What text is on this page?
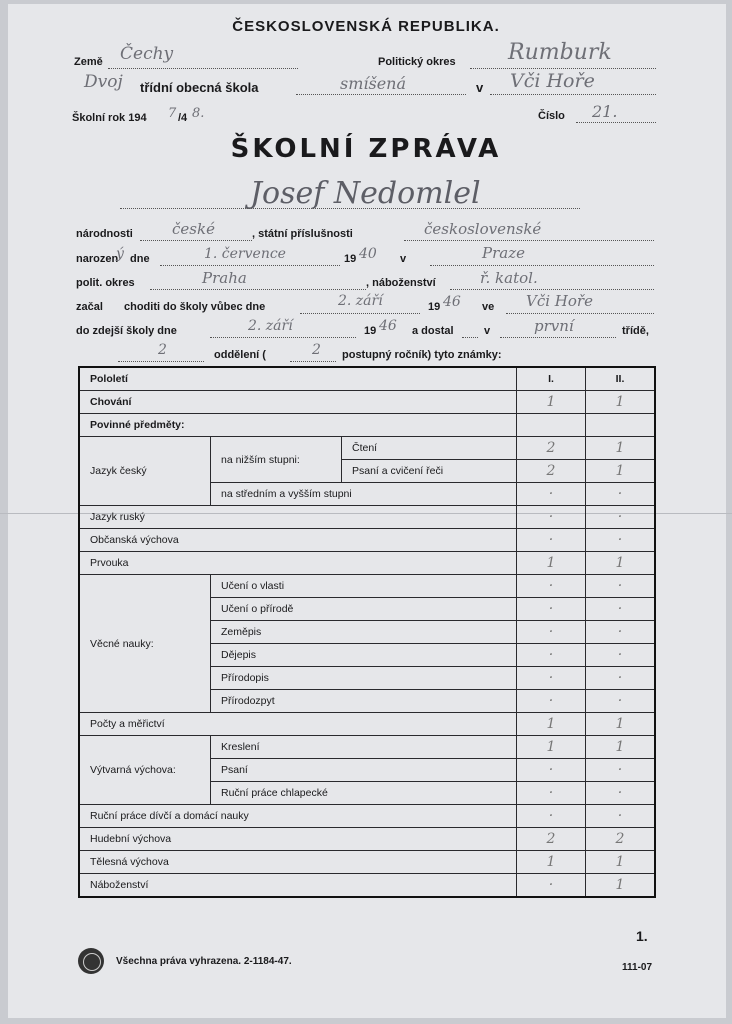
ČESKOSLOVENSKÁ REPUBLIKA.
Země Čechy	Politický okres Rumburk
Dvoj třídní obecná škola	smíšená	v Vči Hoře
Školní rok 194 7 /4 8.	Číslo 21.
ŠKOLNÍ ZPRÁVA
Josef Nedomlel
národnosti	české	, státní příslušnosti	československé
narozen
ý dne	1. července	19 40 v	Praze
polit. okres	Praha	, náboženství	ř. katol.
začal choditi do školy vůbec dne	2. září	19 46 ve Vči Hoře
do zdejší školy dne	2. září	19 46 a dostal	v	první	třídě,
2	oddělení (	2 postupný ročník) tyto známky:
Pololetí			I.	II.
Chování			1	1
Povinné předměty:				
Jazyk český	na nižším stupni:	Čtení	2	1
		Psaní a cvičení řeči	2	1
	na středním a vyšším stupni		·	·
Jazyk ruský			·	·
Občanská výchova			·	·
Prvouka			1	1
Věcné nauky:	Učení o vlasti		·	·
	Učení o přírodě		·	·
	Zeměpis		·	·
	Dějepis		·	·
	Přírodopis		·	·
	Přírodozpyt		·	·
Počty a měřictví			1	1
Výtvarná výchova:	Kreslení		1	1
	Psaní		·	·
	Ruční práce chlapecké		·	·
Ruční práce dívčí a domácí nauky			·	·
Hudební výchova			2	2
Tělesná výchova			1	1
Náboženství			·	1
1.
Všechna práva vyhrazena. 2-1184-47.
111-07
